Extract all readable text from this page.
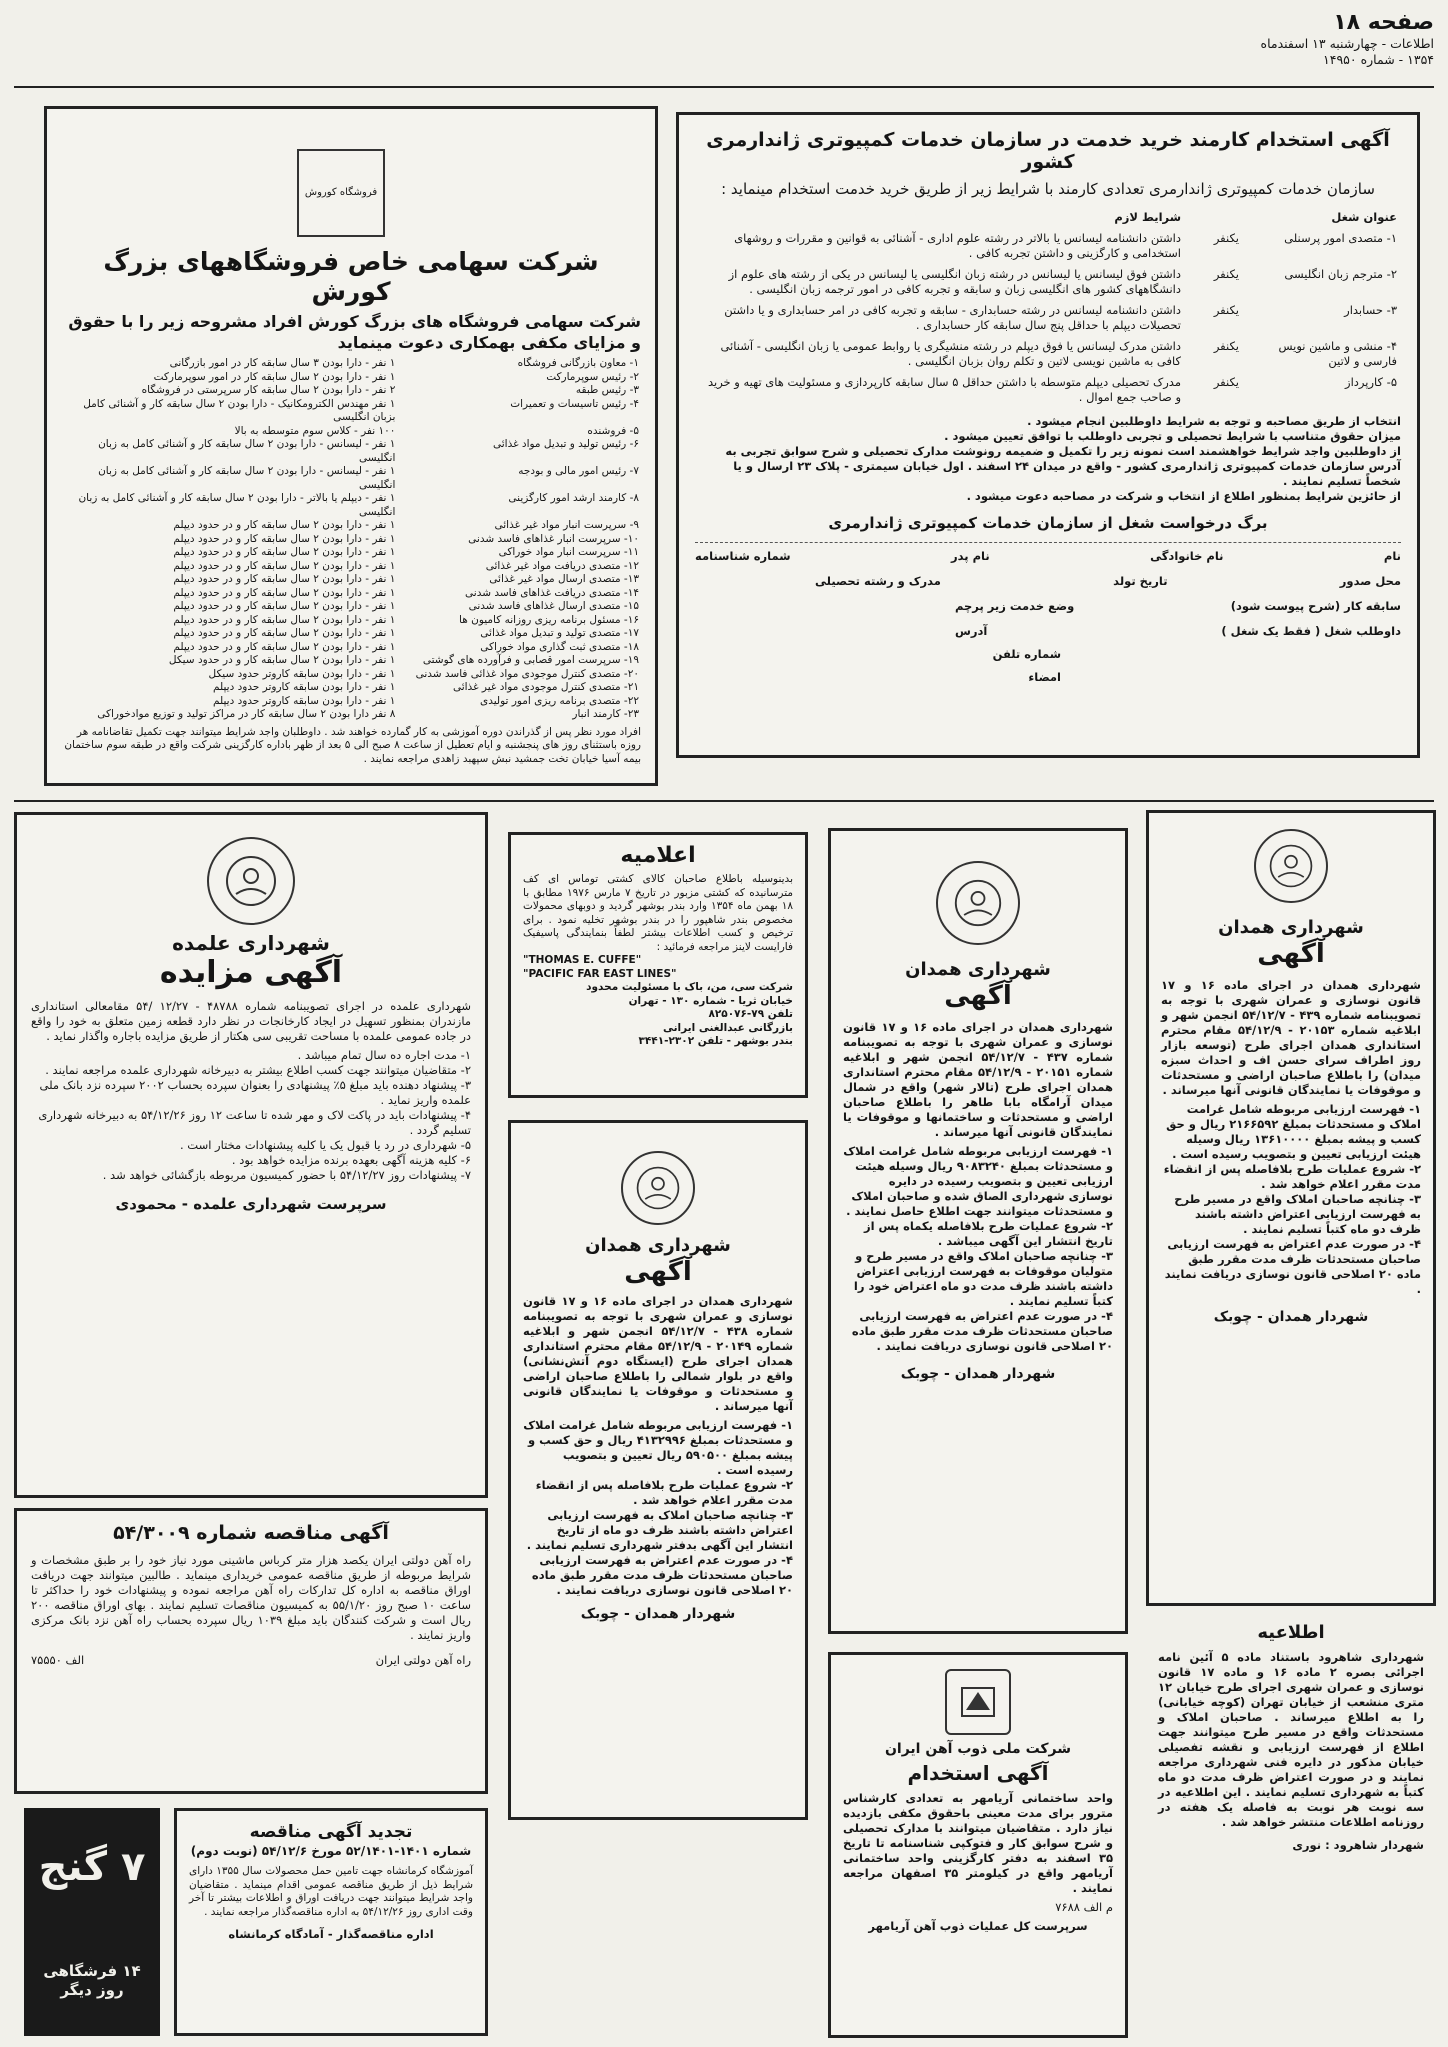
صفحه ۱۸
اطلاعات - چهارشنبه ۱۳ اسفندماه
۱۳۵۴ - شماره ۱۴۹۵۰
آگهی استخدام کارمند خرید خدمت در سازمان خدمات کمپیوتری ژاندارمری کشور
سازمان خدمات کمپیوتری ژاندارمری تعدادی کارمند با شرایط زیر از طریق خرید خدمت استخدام مینماید :
عنوان شغل		شرایط لازم
۱- متصدی امور پرسنلی	یکنفر	داشتن دانشنامه لیسانس یا بالاتر در رشته علوم اداری - آشنائی به قوانین و مقررات و روشهای استخدامی و کارگزینی و داشتن تجربه کافی .
۲- مترجم زبان انگلیسی	یکنفر	داشتن فوق لیسانس یا لیسانس در رشته زبان انگلیسی یا لیسانس در یکی از رشته های علوم از دانشگاههای کشور های انگلیسی زبان و سابقه و تجربه کافی در امور ترجمه زبان انگلیسی .
۳- حسابدار	یکنفر	داشتن دانشنامه لیسانس در رشته حسابداری - سابقه و تجربه کافی در امر حسابداری و یا داشتن تحصیلات دیپلم با حداقل پنج سال سابقه کار حسابداری .
۴- منشی و ماشین نویس فارسی و لاتین	یکنفر	داشتن مدرک لیسانس یا فوق دیپلم در رشته منشیگری یا روابط عمومی یا زبان انگلیسی - آشنائی کافی به ماشین نویسی لاتین و تکلم روان بزبان انگلیسی .
۵- کارپرداز	یکنفر	مدرک تحصیلی دیپلم متوسطه با داشتن حداقل ۵ سال سابقه کارپردازی و مسئولیت های تهیه و خرید و صاحب جمع اموال .

انتخاب از طریق مصاحبه و توجه به شرایط داوطلبین انجام میشود .

میزان حقوق متناسب با شرایط تحصیلی و تجربی داوطلب با توافق تعیین میشود .

از داوطلبین واجد شرایط خواهشمند است نمونه زیر را تکمیل و ضمیمه رونوشت مدارک تحصیلی و شرح سوابق تجربی به آدرس سازمان خدمات کمپیوتری ژاندارمری کشور - واقع در میدان ۲۴ اسفند . اول خیابان سیمتری - پلاک ۲۳ ارسال و یا شخصاً تسلیم نمایند .

از حائزین شرایط بمنظور اطلاع از انتخاب و شرکت در مصاحبه دعوت میشود .

برگ درخواست شغل از سازمان خدمات کمپیوتری ژاندارمری
نام
نام خانوادگی
نام پدر
شماره شناسنامه
محل صدور
تاریخ تولد
مدرک و رشته تحصیلی
سابقه کار (شرح پیوست شود)
وضع خدمت زیر پرچم
داوطلب شغل ( فقط یک شغل )
آدرس
شماره تلفن
امضاء
فروشگاه کوروش
شرکت سهامی خاص فروشگاههای بزرگ کورش
شرکت سهامی فروشگاه های بزرگ کورش افراد مشروحه زیر را با حقوق و مزایای مکفی بهمکاری دعوت مینماید
۱- معاون بازرگانی فروشگاه	۱ نفر - دارا بودن ۳ سال سابقه کار در امور بازرگانی
۲- رئیس سوپرمارکت	۱ نفر - دارا بودن ۲ سال سابقه کار در امور سوپرمارکت
۳- رئیس طبقه	۲ نفر - دارا بودن ۲ سال سابقه کار سرپرستی در فروشگاه
۴- رئیس تاسیسات و تعمیرات	۱ نفر مهندس الکترومکانیک - دارا بودن ۲ سال سابقه کار و آشنائی کامل بزبان انگلیسی
۵- فروشنده	۱۰۰ نفر - کلاس سوم متوسطه به بالا
۶- رئیس تولید و تبدیل مواد غذائی	۱ نفر - لیسانس - دارا بودن ۲ سال سابقه کار و آشنائی کامل به زبان انگلیسی
۷- رئیس امور مالی و بودجه	۱ نفر - لیسانس - دارا بودن ۲ سال سابقه کار و آشنائی کامل به زبان انگلیسی
۸- کارمند ارشد امور کارگزینی	۱ نفر - دیپلم یا بالاتر - دارا بودن ۲ سال سابقه کار و آشنائی کامل به زبان انگلیسی
۹- سرپرست انبار مواد غیر غذائی	۱ نفر - دارا بودن ۲ سال سابقه کار و در حدود دیپلم
۱۰- سرپرست انبار غذاهای فاسد شدنی	۱ نفر - دارا بودن ۲ سال سابقه کار و در حدود دیپلم
۱۱- سرپرست انبار مواد خوراکی	۱ نفر - دارا بودن ۲ سال سابقه کار و در حدود دیپلم
۱۲- متصدی دریافت مواد غیر غذائی	۱ نفر - دارا بودن ۲ سال سابقه کار و در حدود دیپلم
۱۳- متصدی ارسال مواد غیر غذائی	۱ نفر - دارا بودن ۲ سال سابقه کار و در حدود دیپلم
۱۴- متصدی دریافت غذاهای فاسد شدنی	۱ نفر - دارا بودن ۲ سال سابقه کار و در حدود دیپلم
۱۵- متصدی ارسال غذاهای فاسد شدنی	۱ نفر - دارا بودن ۲ سال سابقه کار و در حدود دیپلم
۱۶- مسئول برنامه ریزی روزانه کامیون ها	۱ نفر - دارا بودن ۲ سال سابقه کار و در حدود دیپلم
۱۷- متصدی تولید و تبدیل مواد غذائی	۱ نفر - دارا بودن ۲ سال سابقه کار و در حدود دیپلم
۱۸- متصدی ثبت گذاری مواد خوراکی	۱ نفر - دارا بودن ۲ سال سابقه کار و در حدود دیپلم
۱۹- سرپرست امور قصابی و فرآورده های گوشتی	۱ نفر - دارا بودن ۲ سال سابقه کار و در حدود سیکل
۲۰- متصدی کنترل موجودی مواد غذائی فاسد شدنی	۱ نفر - دارا بودن سابقه کاروتر حدود سیکل
۲۱- متصدی کنترل موجودی مواد غیر غذائی	۱ نفر - دارا بودن سابقه کاروتر حدود دیپلم
۲۲- متصدی برنامه ریزی امور تولیدی	۱ نفر - دارا بودن سابقه کاروتر حدود دیپلم
۲۳- کارمند انبار	۸ نفر دارا بودن ۲ سال سابقه کار در مراکز تولید و توزیع موادخوراکی
افراد مورد نظر پس از گذراندن دوره آموزشی به کار گمارده خواهند شد . داوطلبان واجد شرایط میتوانند جهت تکمیل تقاضانامه هر روزه باستثنای روز های پنجشنبه و ایام تعطیل از ساعت ۸ صبح الی ۵ بعد از ظهر باداره کارگزینی شرکت واقع در طبقه سوم ساختمان بیمه آسیا خیابان تخت جمشید نبش سپهبد زاهدی مراجعه نمایند .
شهرداری علمده
آگهی مزایده
شهرداری علمده در اجرای تصویبنامه شماره ۴۸۷۸۸ - ۱۲/۲۷ /۵۴ مقامعالی استانداری مازندران بمنظور تسهیل در ایجاد کارخانجات در نظر دارد قطعه زمین متعلق به خود را واقع در جاده عمومی علمده با مساحت تقریبی سی هکتار از طریق مزایده باجاره واگذار نماید .

۱- مدت اجاره ده سال تمام میباشد .

۲- متقاضیان میتوانند جهت کسب اطلاع بیشتر به دبیرخانه شهرداری علمده مراجعه نمایند .

۳- پیشنهاد دهنده باید مبلغ ۵٪ پیشنهادی را بعنوان سپرده بحساب ۲۰۰۲ سپرده نزد بانک ملی علمده واریز نماید .

۴- پیشنهادات باید در پاکت لاک و مهر شده تا ساعت ۱۲ روز ۵۴/۱۲/۲۶ به دبیرخانه شهرداری تسلیم گردد .

۵- شهرداری در رد یا قبول یک یا کلیه پیشنهادات مختار است .

۶- کلیه هزینه آگهی بعهده برنده مزایده خواهد بود .

۷- پیشنهادات روز ۵۴/۱۲/۲۷ با حضور کمیسیون مربوطه بازگشائی خواهد شد .

سرپرست شهرداری علمده - محمودی
آگهی مناقصه شماره ۵۴/۳۰۰۹
راه آهن دولتی ایران یکصد هزار متر کرباس ماشینی مورد نیاز خود را بر طبق مشخصات و شرایط مربوطه از طریق مناقصه عمومی خریداری مینماید . طالبین میتوانند جهت دریافت اوراق مناقصه به اداره کل تدارکات راه آهن مراجعه نموده و پیشنهادات خود را حداکثر تا ساعت ۱۰ صبح روز ۵۵/۱/۲۰ به کمیسیون مناقصات تسلیم نمایند . بهای اوراق مناقصه ۲۰۰ ریال است و شرکت کنندگان باید مبلغ ۱۰۳۹ ریال سپرده بحساب راه آهن نزد بانک مرکزی واریز نمایند .
راه آهن دولتی ایران
الف ۷۵۵۵۰
۷ گنج
۱۴ فرشگاهی روز دیگر
تجدید آگهی مناقصه
شماره ۱۴۰۱-۵۲/۱۴۰۱ مورخ ۵۴/۱۲/۶ (نوبت دوم)
آموزشگاه کرمانشاه جهت تامین حمل محصولات سال ۱۳۵۵ دارای شرایط ذیل از طریق مناقصه عمومی اقدام مینماید . متقاضیان واجد شرایط میتوانند جهت دریافت اوراق و اطلاعات بیشتر تا آخر وقت اداری روز ۵۴/۱۲/۲۶ به اداره مناقصه‌گذار مراجعه نمایند .
اداره مناقصه‌گذار - آمادگاه کرمانشاه
اعلامیه
بدینوسیله باطلاع صاحبان کالای کشتی توماس ای کف مترسانیده که کشتی مزبور در تاریخ ۷ مارس ۱۹۷۶ مطابق با ۱۸ بهمن ماه ۱۳۵۴ وارد بندر بوشهر گردید و دوبهای محمولات مخصوص بندر شاهپور را در بندر بوشهر تخلیه نمود . برای ترخیص و کسب اطلاعات بیشتر لطفاً بنمایندگی پاسیفیک فارایست لاینز مراجعه فرمائید :
"THOMAS E. CUFFE"
"PACIFIC FAR EAST LINES"
شرکت سی، من، باک با مسئولیت محدود
خیابان ثریا - شماره ۱۳۰ - تهران
تلفن ۷۹-۸۲۵۰۷۶
بازرگانی عبدالغنی ایرانی
بندر بوشهر - تلفن ۲۳۰۲-۳۴۴۱
شهرداری همدان
آگهی
شهرداری همدان در اجرای ماده ۱۶ و ۱۷ قانون نوسازی و عمران شهری با توجه به تصویبنامه شماره ۴۳۸ - ۵۴/۱۲/۷ انجمن شهر و ابلاغیه شماره ۲۰۱۴۹ - ۵۴/۱۲/۹ مقام محترم استانداری همدان اجرای طرح (ایستگاه دوم آتش‌نشانی) واقع در بلوار شمالی را باطلاع صاحبان اراضی و مستحدثات و موقوفات یا نمایندگان قانونی آنها میرساند .

۱- فهرست ارزیابی مربوطه شامل غرامت املاک و مستحدثات بمبلغ ۴۱۳۲۹۹۶ ریال و حق کسب و پیشه بمبلغ ۵۹۰۵۰۰ ریال تعیین و بتصویب رسیده است .

۲- شروع عملیات طرح بلافاصله پس از انقضاء مدت مقرر اعلام خواهد شد .

۳- چنانچه صاحبان املاک به فهرست ارزیابی اعتراض داشته باشند ظرف دو ماه از تاریخ انتشار این آگهی بدفتر شهرداری تسلیم نمایند .

۴- در صورت عدم اعتراض به فهرست ارزیابی صاحبان مستحدثات ظرف مدت مقرر طبق ماده ۲۰ اصلاحی قانون نوسازی دریافت نمایند .

شهردار همدان - چوبک
شهرداری همدان
آگهی
شهرداری همدان در اجرای ماده ۱۶ و ۱۷ قانون نوسازی و عمران شهری با توجه به تصویبنامه شماره ۴۳۷ - ۵۴/۱۲/۷ انجمن شهر و ابلاغیه شماره ۲۰۱۵۱ - ۵۴/۱۲/۹ مقام محترم استانداری همدان اجرای طرح (تالار شهر) واقع در شمال میدان آرامگاه بابا طاهر را باطلاع صاحبان اراضی و مستحدثات و ساختمانها و موقوفات یا نمایندگان قانونی آنها میرساند .

۱- فهرست ارزیابی مربوطه شامل غرامت املاک و مستحدثات بمبلغ ۹۰۸۳۲۴۰ ریال وسیله هیئت ارزیابی تعیین و بتصویب رسیده در دایره نوسازی شهرداری الصاق شده و صاحبان املاک و مستحدثات میتوانند جهت اطلاع حاصل نمایند .

۲- شروع عملیات طرح بلافاصله یکماه پس از تاریخ انتشار این آگهی میباشد .

۳- چنانچه صاحبان املاک واقع در مسیر طرح و متولیان موقوفات به فهرست ارزیابی اعتراض داشته باشند ظرف مدت دو ماه اعتراض خود را کتباً تسلیم نمایند .

۴- در صورت عدم اعتراض به فهرست ارزیابی صاحبان مستحدثات ظرف مدت مقرر طبق ماده ۲۰ اصلاحی قانون نوسازی دریافت نمایند .

شهردار همدان - چوبک
شرکت ملی ذوب آهن ایران
آگهی استخدام
واحد ساختمانی آریامهر به تعدادی کارشناس مترور برای مدت معینی باحقوق مکفی بازدیده نیاز دارد . متقاضیان میتوانند با مدارک تحصیلی و شرح سوابق کار و فتوکپی شناسنامه تا تاریخ ۳۵ اسفند به دفتر کارگزینی واحد ساختمانی آریامهر واقع در کیلومتر ۳۵ اصفهان مراجعه نمایند .
م الف ۷۶۸۸
سرپرست کل عملیات ذوب آهن آریامهر
شهرداری همدان
آگهی
شهرداری همدان در اجرای ماده ۱۶ و ۱۷ قانون نوسازی و عمران شهری با توجه به تصویبنامه شماره ۴۳۹ - ۵۴/۱۲/۷ انجمن شهر و ابلاغیه شماره ۲۰۱۵۳ - ۵۴/۱۲/۹ مقام محترم استانداری همدان اجرای طرح (توسعه بازار روز اطراف سرای حسن اف و احداث سبزه میدان) را باطلاع صاحبان اراضی و مستحدثات و موقوفات یا نمایندگان قانونی آنها میرساند .

۱- فهرست ارزیابی مربوطه شامل غرامت املاک و مستحدثات بمبلغ ۲۱۶۶۵۹۲ ریال و حق کسب و پیشه بمبلغ ۱۳۶۱۰۰۰۰ ریال وسیله هیئت ارزیابی تعیین و بتصویب رسیده است .

۲- شروع عملیات طرح بلافاصله پس از انقضاء مدت مقرر اعلام خواهد شد .

۳- چنانچه صاحبان املاک واقع در مسیر طرح به فهرست ارزیابی اعتراض داشته باشند ظرف دو ماه کتباً تسلیم نمایند .

۴- در صورت عدم اعتراض به فهرست ارزیابی صاحبان مستحدثات ظرف مدت مقرر طبق ماده ۲۰ اصلاحی قانون نوسازی دریافت نمایند .

شهردار همدان - چوبک
اطلاعیه
شهرداری شاهرود باستناد ماده ۵ آئین نامه اجرائی بصره ۲ ماده ۱۶ و ماده ۱۷ قانون نوسازی و عمران شهری اجرای طرح خیابان ۱۲ متری منشعب از خیابان تهران (کوچه خیابانی) را به اطلاع میرساند . صاحبان املاک و مستحدثات واقع در مسیر طرح میتوانند جهت اطلاع از فهرست ارزیابی و نقشه تفصیلی خیابان مذکور در دایره فنی شهرداری مراجعه نمایند و در صورت اعتراض ظرف مدت دو ماه کتباً به شهرداری تسلیم نمایند . این اطلاعیه در سه نوبت هر نوبت به فاصله یک هفته در روزنامه اطلاعات منتشر خواهد شد .
شهردار شاهرود : نوری
